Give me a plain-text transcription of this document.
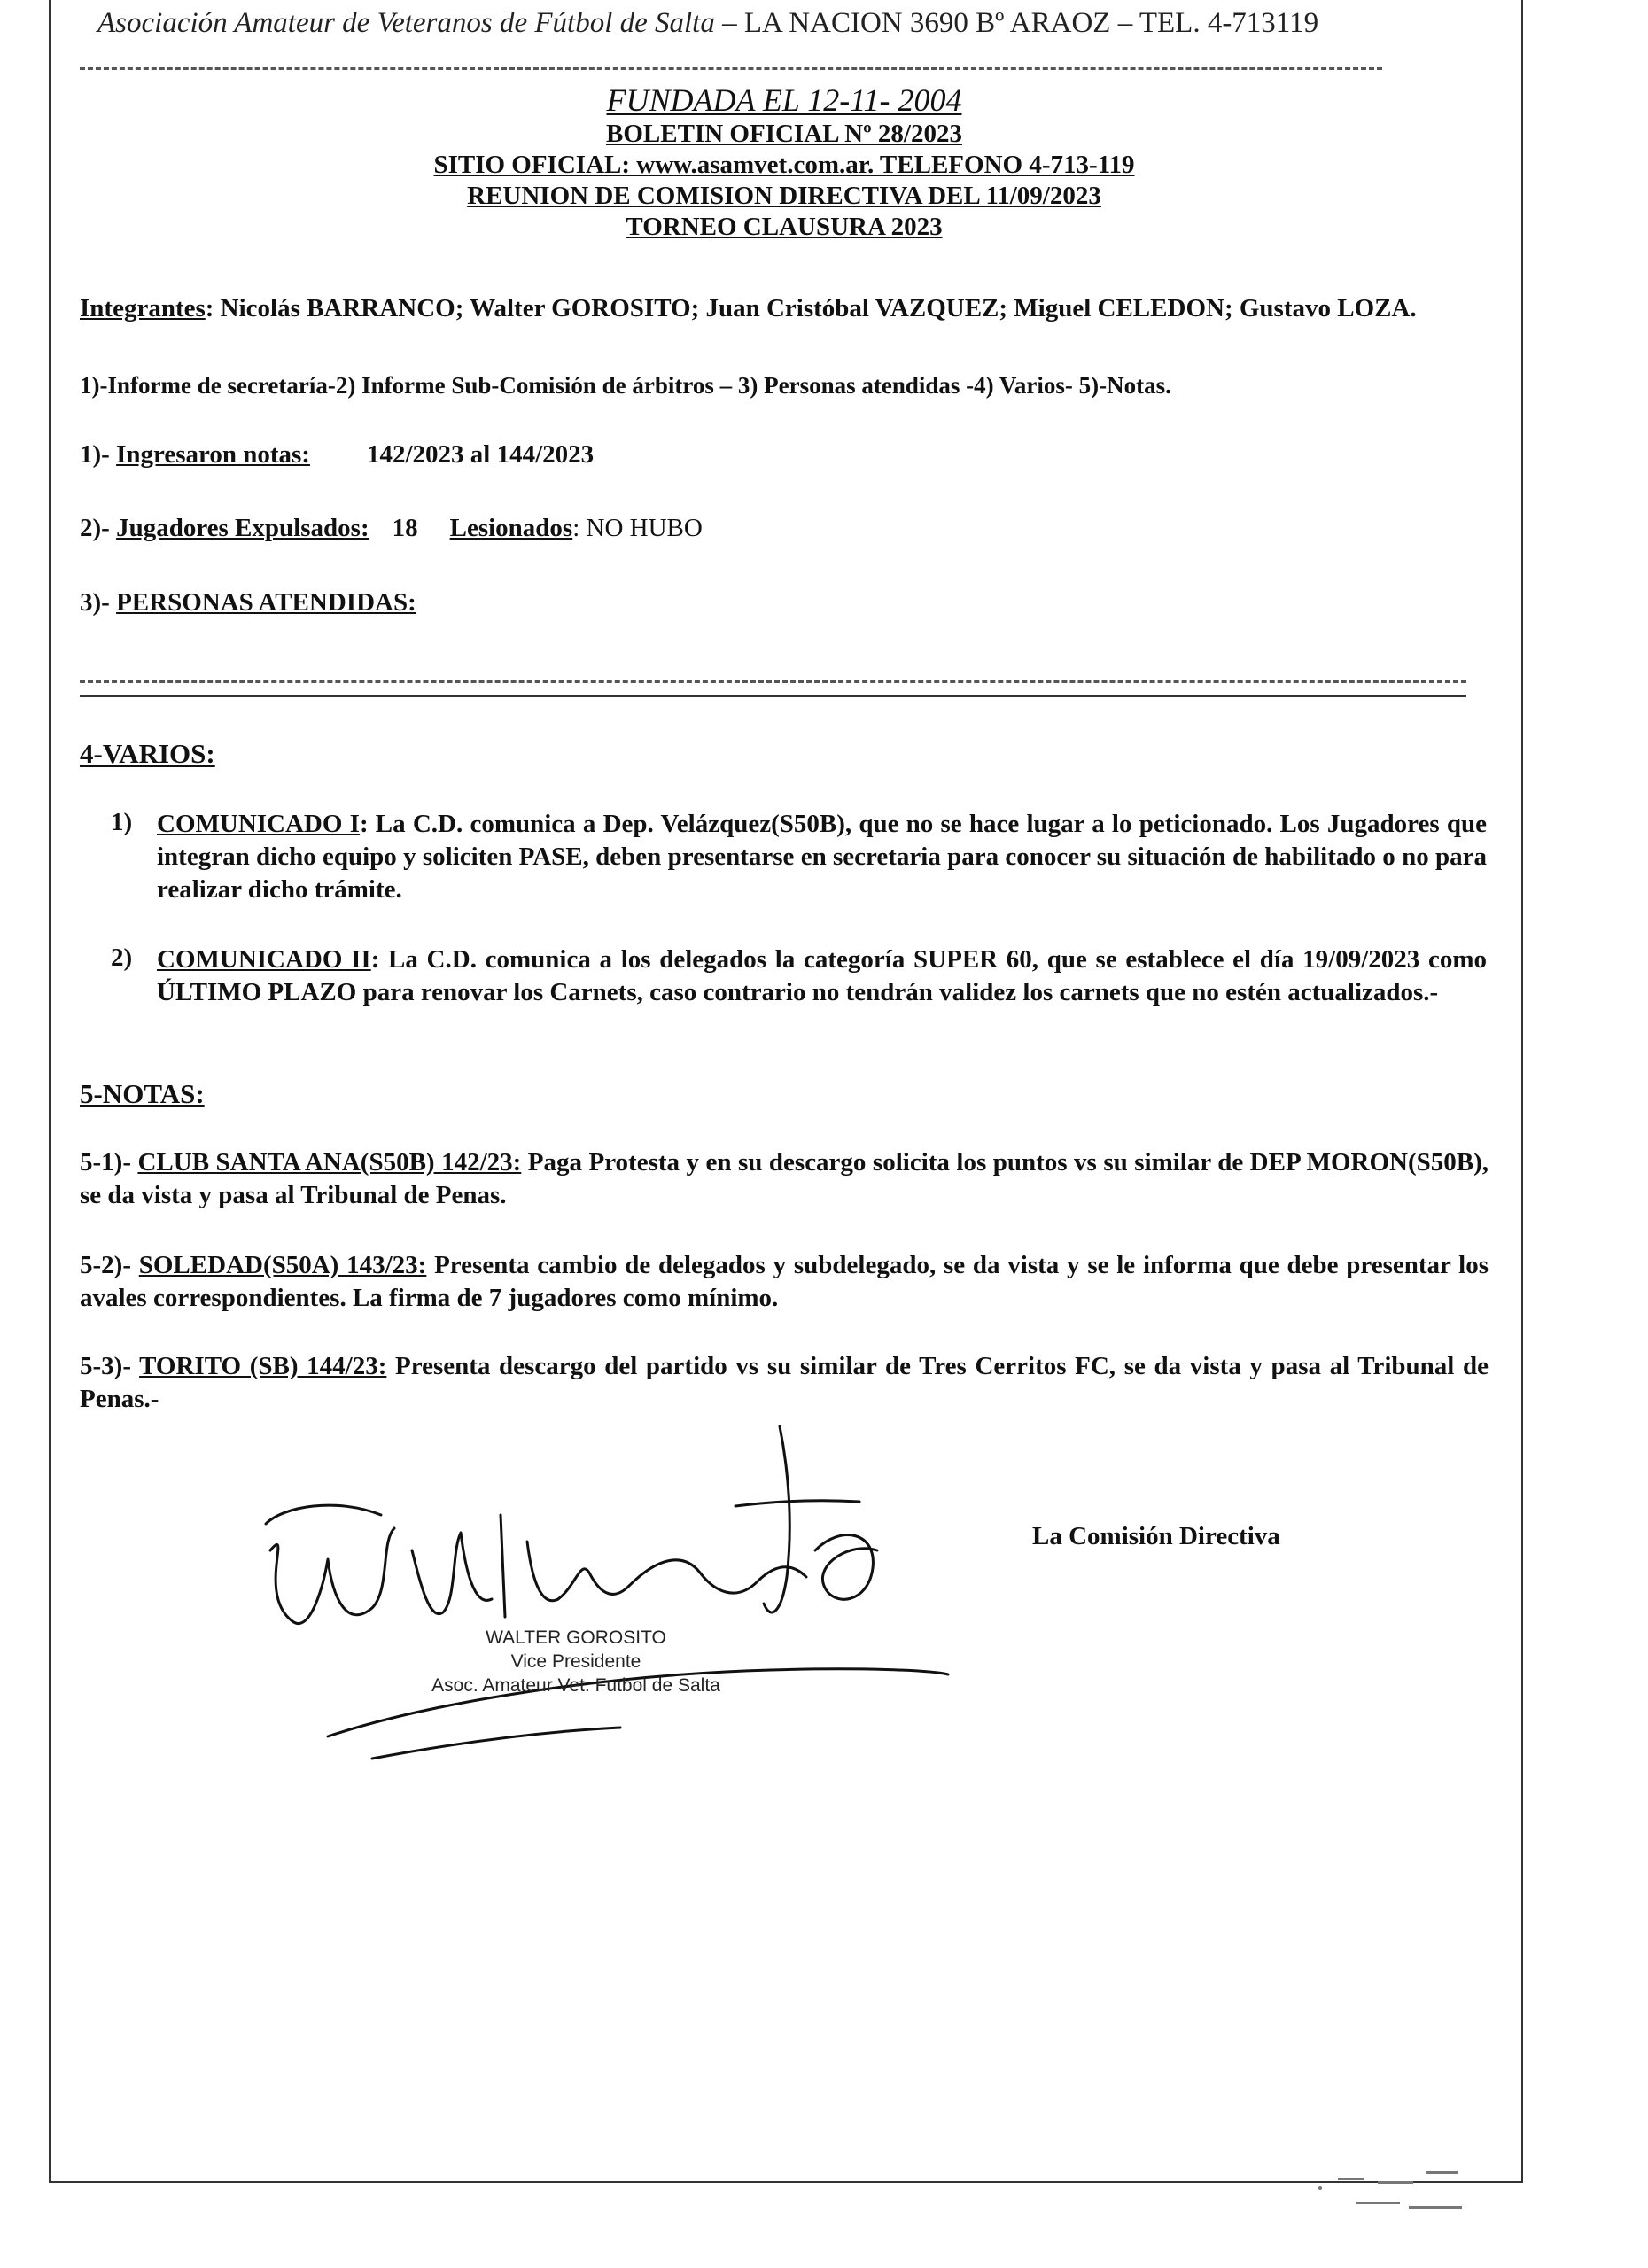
Asociación Amateur de Veteranos de Fútbol de Salta – LA NACION 3690 Bº ARAOZ – TEL. 4-713119
FUNDADA EL 12-11- 2004
BOLETIN OFICIAL Nº 28/2023
SITIO OFICIAL: www.asamvet.com.ar. TELEFONO 4-713-119
REUNION DE COMISION DIRECTIVA DEL 11/09/2023
TORNEO CLAUSURA 2023
Integrantes: Nicolás BARRANCO; Walter GOROSITO; Juan Cristóbal VAZQUEZ; Miguel CELEDON; Gustavo LOZA.
1)-Informe de secretaría-2) Informe Sub-Comisión de árbitros – 3) Personas atendidas -4) Varios- 5)-Notas.
1)- Ingresaron notas: 142/2023 al 144/2023
2)- Jugadores Expulsados: 18 Lesionados: NO HUBO
3)- PERSONAS ATENDIDAS:
4-VARIOS:
1) COMUNICADO I: La C.D. comunica a Dep. Velázquez(S50B), que no se hace lugar a lo peticionado. Los Jugadores que integran dicho equipo y soliciten PASE, deben presentarse en secretaria para conocer su situación de habilitado o no para realizar dicho trámite.
2) COMUNICADO II: La C.D. comunica a los delegados la categoría SUPER 60, que se establece el día 19/09/2023 como ÚLTIMO PLAZO para renovar los Carnets, caso contrario no tendrán validez los carnets que no estén actualizados.-
5-NOTAS:
5-1)- CLUB SANTA ANA(S50B) 142/23: Paga Protesta y en su descargo solicita los puntos vs su similar de DEP MORON(S50B), se da vista y pasa al Tribunal de Penas.
5-2)- SOLEDAD(S50A) 143/23: Presenta cambio de delegados y subdelegado, se da vista y se le informa que debe presentar los avales correspondientes. La firma de 7 jugadores como mínimo.
5-3)- TORITO (SB) 144/23: Presenta descargo del partido vs su similar de Tres Cerritos FC, se da vista y pasa al Tribunal de Penas.-
WALTER GOROSITO
Vice Presidente
Asoc. Amateur Vet. Futbol de Salta
La Comisión Directiva
